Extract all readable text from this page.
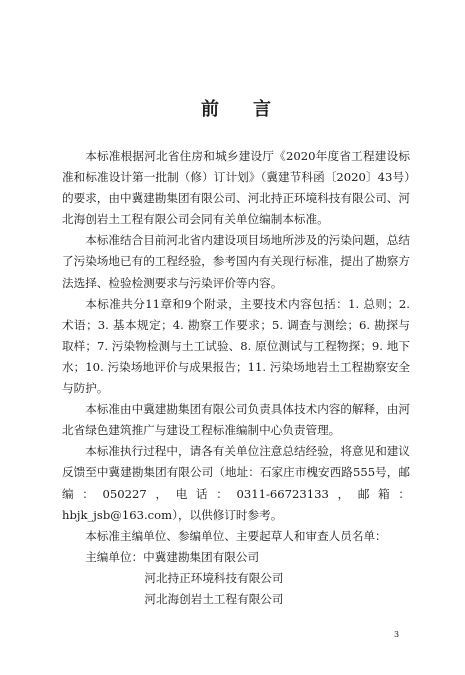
前言

本标准根据河北省住房和城乡建设厅《2020年度省工程建设标准和标准设计第一批制（修）订计划》（冀建节科函〔2020〕43号）的要求，由中冀建勘集团有限公司、河北持正环境科技有限公司、河北海创岩土工程有限公司会同有关单位编制本标准。

本标准结合目前河北省内建设项目场地所涉及的污染问题，总结了污染场地已有的工程经验，参考国内有关现行标准，提出了勘察方法选择、检验检测要求与污染评价等内容。

本标准共分11章和9个附录，主要技术内容包括：1. 总则；2. 术语；3. 基本规定；4. 勘察工作要求；5. 调查与测绘；6. 勘探与取样；7. 污染物检测与土工试验、8. 原位测试与工程物探；9. 地下水；10. 污染场地评价与成果报告；11. 污染场地岩土工程勘察安全与防护。

本标准由中冀建勘集团有限公司负责具体技术内容的解释，由河北省绿色建筑推广与建设工程标准编制中心负责管理。

本标准执行过程中，请各有关单位注意总结经验，将意见和建议反馈至中冀建勘集团有限公司（地址：石家庄市槐安西路555号，邮编：050227，电话：0311-66723133，邮箱：hbjk_jsb@163.com），以供修订时参考。

本标准主编单位、参编单位、主要起草人和审查人员名单：

主编单位：中冀建勘集团有限公司
河北持正环境科技有限公司
河北海创岩土工程有限公司
3
